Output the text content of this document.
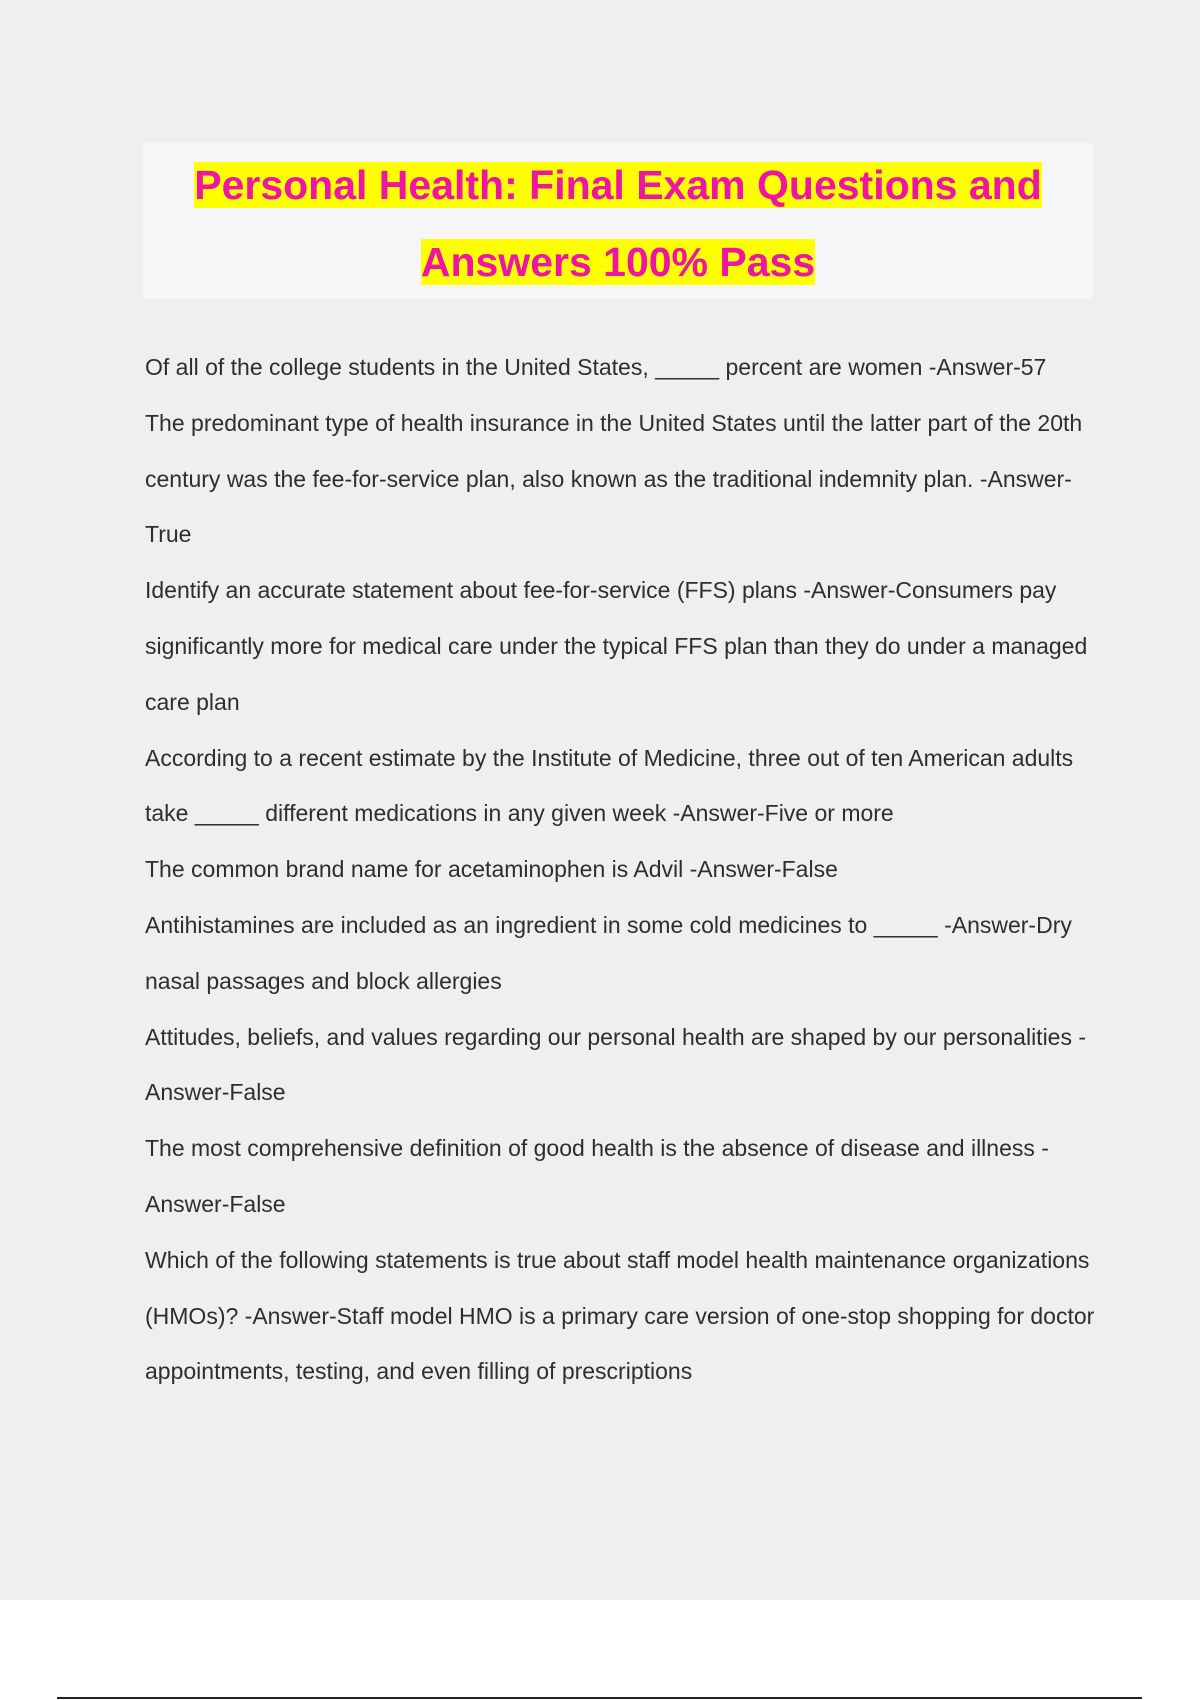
Personal Health: Final Exam Questions and
Answers 100% Pass

Of all of the college students in the United States, _____ percent are women -Answer-57

The predominant type of health insurance in the United States until the latter part of the 20th century was the fee-for-service plan, also known as the traditional indemnity plan. -Answer-True

Identify an accurate statement about fee-for-service (FFS) plans -Answer-Consumers pay significantly more for medical care under the typical FFS plan than they do under a managed care plan

According to a recent estimate by the Institute of Medicine, three out of ten American adults take _____ different medications in any given week -Answer-Five or more

The common brand name for acetaminophen is Advil -Answer-False

Antihistamines are included as an ingredient in some cold medicines to _____ -Answer-Dry nasal passages and block allergies

Attitudes, beliefs, and values regarding our personal health are shaped by our personalities -Answer-False

The most comprehensive definition of good health is the absence of disease and illness -Answer-False

Which of the following statements is true about staff model health maintenance organizations (HMOs)? -Answer-Staff model HMO is a primary care version of one-stop shopping for doctor appointments, testing, and even filling of prescriptions
